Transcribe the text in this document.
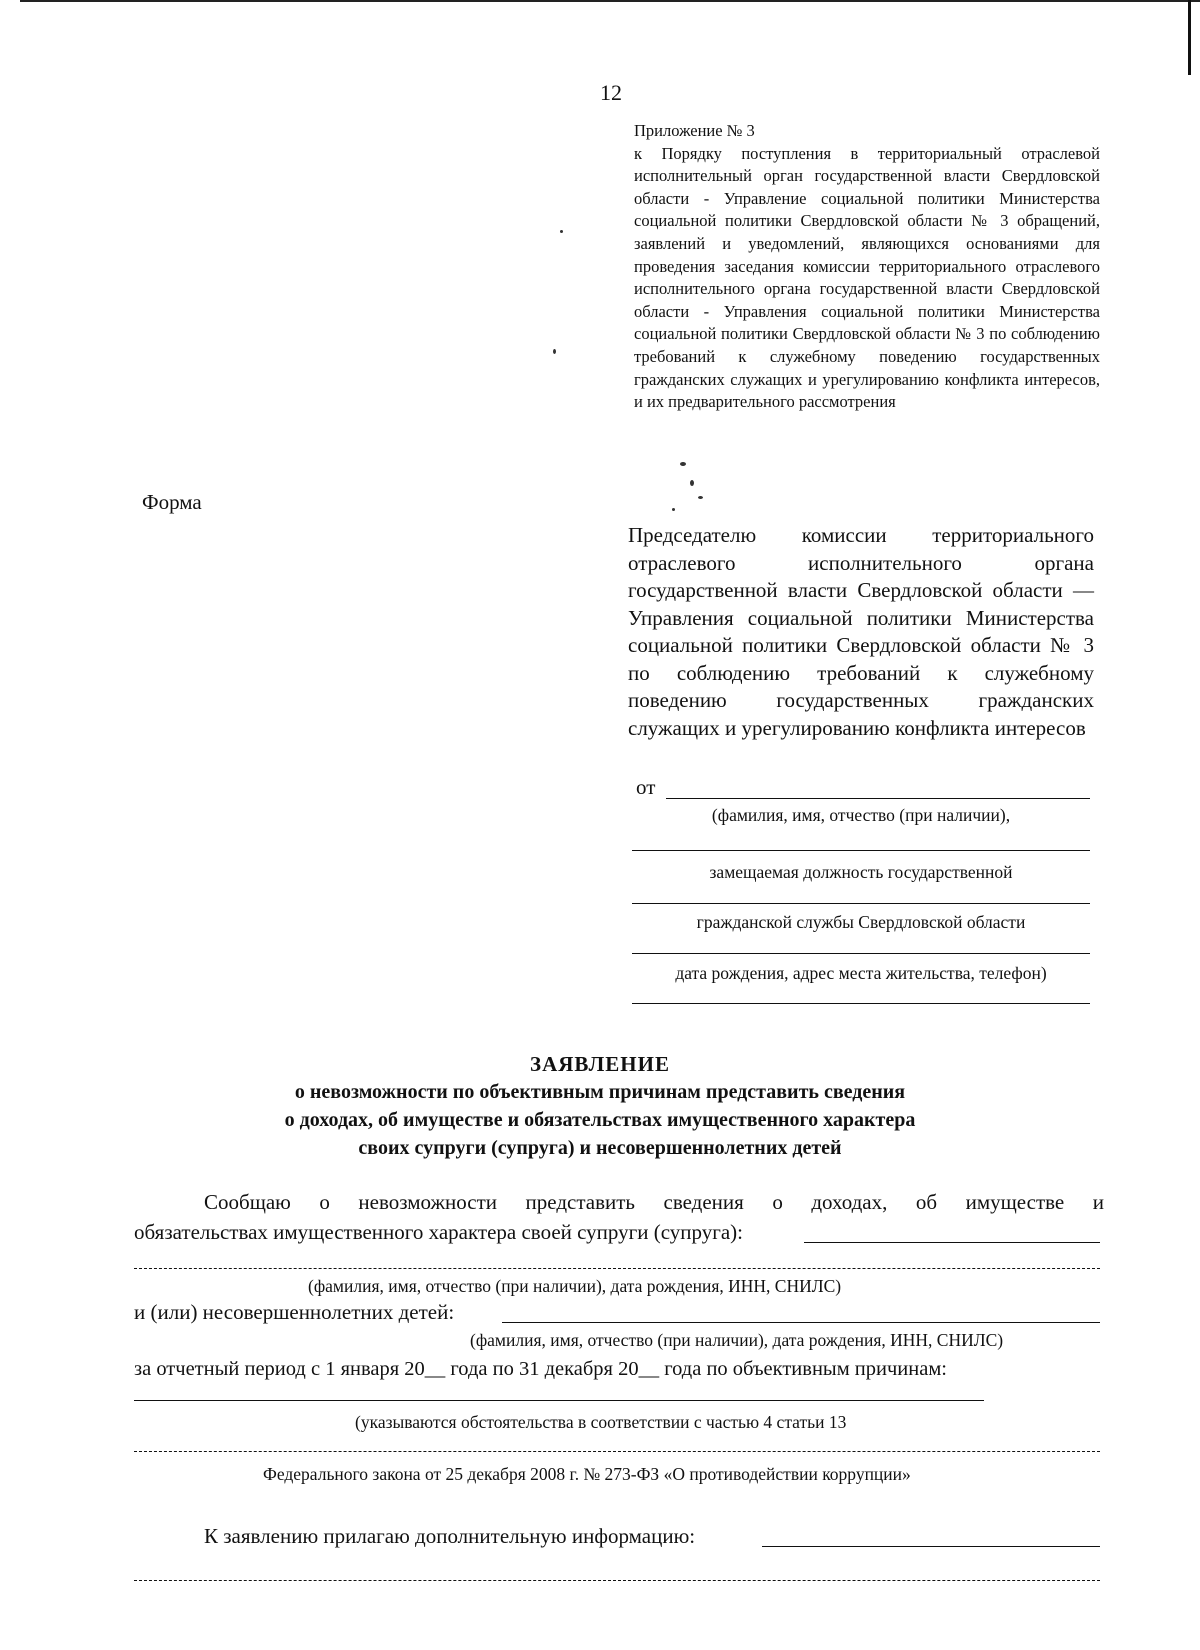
12
Приложение № 3
к Порядку поступления в территориальный отраслевой исполнительный орган государственной власти Свердловской области - Управление социальной политики Министерства социальной политики Свердловской области № 3 обращений, заявлений и уведомлений, являющихся основаниями для проведения заседания комиссии территориального отраслевого исполнительного органа государственной власти Свердловской области - Управления социальной политики Министерства социальной политики Свердловской области № 3 по соблюдению требований к служебному поведению государственных гражданских служащих и урегулированию конфликта интересов, и их предварительного рассмотрения
Форма
Председателю комиссии территориального отраслевого исполнительного органа государственной власти Свердловской области — Управления социальной политики Министерства социальной политики Свердловской области № 3 по соблюдению требований к служебному поведению государственных гражданских служащих и урегулированию конфликта интересов
от
(фамилия, имя, отчество (при наличии),
замещаемая должность государственной
гражданской службы Свердловской области
дата рождения, адрес места жительства, телефон)
ЗАЯВЛЕНИЕ
о невозможности по объективным причинам представить сведения
о доходах, об имуществе и обязательствах имущественного характера
своих супруги (супруга) и несовершеннолетних детей
Сообщаю о невозможности представить сведения о доходах, об имуществе и
обязательствах имущественного характера своей супруги (супруга):
(фамилия, имя, отчество (при наличии), дата рождения, ИНН, СНИЛС)
и (или) несовершеннолетних детей:
(фамилия, имя, отчество (при наличии), дата рождения, ИНН, СНИЛС)
за отчетный период с 1 января 20__ года по 31 декабря 20__ года по объективным причинам:
(указываются обстоятельства в соответствии с частью 4 статьи 13
Федерального закона от 25 декабря 2008 г. № 273-ФЗ «О противодействии коррупции»
К заявлению прилагаю дополнительную информацию:
